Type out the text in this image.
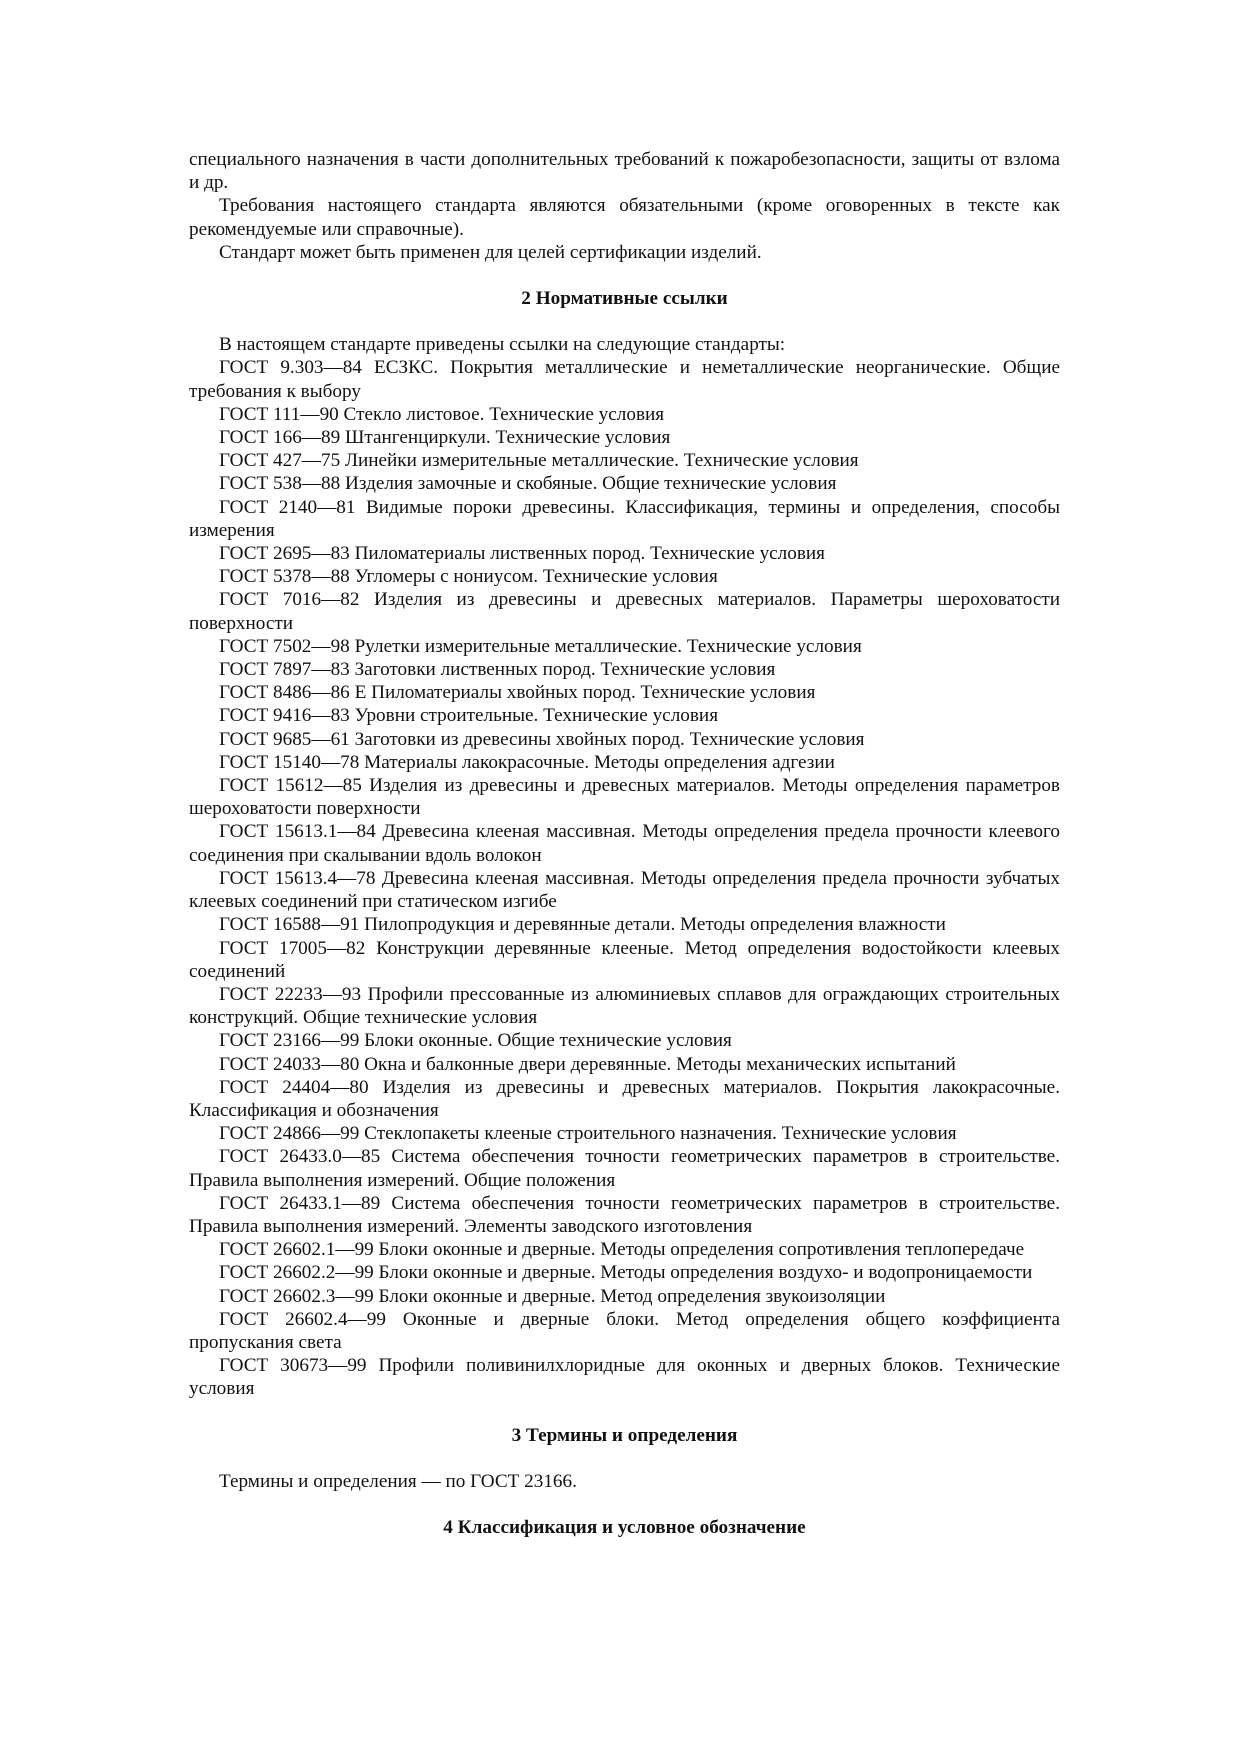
специального назначения в части дополнительных требований к пожаробезопасности, защиты от взлома и др.

Требования настоящего стандарта являются обязательными (кроме оговоренных в тексте как рекомендуемые или справочные).

Стандарт может быть применен для целей сертификации изделий.

2 Нормативные ссылки

В настоящем стандарте приведены ссылки на следующие стандарты:

ГОСТ 9.303—84 ЕСЗКС. Покрытия металлические и неметаллические неорганические. Общие требования к выбору

ГОСТ 111—90 Стекло листовое. Технические условия

ГОСТ 166—89 Штангенциркули. Технические условия

ГОСТ 427—75 Линейки измерительные металлические. Технические условия

ГОСТ 538—88 Изделия замочные и скобяные. Общие технические условия

ГОСТ 2140—81 Видимые пороки древесины. Классификация, термины и определения, способы измерения

ГОСТ 2695—83 Пиломатериалы лиственных пород. Технические условия

ГОСТ 5378—88 Угломеры с нониусом. Технические условия

ГОСТ 7016—82 Изделия из древесины и древесных материалов. Параметры шероховатости поверхности

ГОСТ 7502—98 Рулетки измерительные металлические. Технические условия

ГОСТ 7897—83 Заготовки лиственных пород. Технические условия

ГОСТ 8486—86 Е Пиломатериалы хвойных пород. Технические условия

ГОСТ 9416—83 Уровни строительные. Технические условия

ГОСТ 9685—61 Заготовки из древесины хвойных пород. Технические условия

ГОСТ 15140—78 Материалы лакокрасочные. Методы определения адгезии

ГОСТ 15612—85 Изделия из древесины и древесных материалов. Методы определения параметров шероховатости поверхности

ГОСТ 15613.1—84 Древесина клееная массивная. Методы определения предела прочности клеевого соединения при скалывании вдоль волокон

ГОСТ 15613.4—78 Древесина клееная массивная. Методы определения предела прочности зубчатых клеевых соединений при статическом изгибе

ГОСТ 16588—91 Пилопродукция и деревянные детали. Методы определения влажности

ГОСТ 17005—82 Конструкции деревянные клееные. Метод определения водостойкости клеевых соединений

ГОСТ 22233—93 Профили прессованные из алюминиевых сплавов для ограждающих строительных конструкций. Общие технические условия

ГОСТ 23166—99 Блоки оконные. Общие технические условия

ГОСТ 24033—80 Окна и балконные двери деревянные. Методы механических испытаний

ГОСТ 24404—80 Изделия из древесины и древесных материалов. Покрытия лакокрасочные. Классификация и обозначения

ГОСТ 24866—99 Стеклопакеты клееные строительного назначения. Технические условия

ГОСТ 26433.0—85 Система обеспечения точности геометрических параметров в строительстве. Правила выполнения измерений. Общие положения

ГОСТ 26433.1—89 Система обеспечения точности геометрических параметров в строительстве. Правила выполнения измерений. Элементы заводского изготовления

ГОСТ 26602.1—99 Блоки оконные и дверные. Методы определения сопротивления теплопередаче

ГОСТ 26602.2—99 Блоки оконные и дверные. Методы определения воздухо- и водопроницаемости

ГОСТ 26602.3—99 Блоки оконные и дверные. Метод определения звукоизоляции

ГОСТ 26602.4—99 Оконные и дверные блоки. Метод определения общего коэффициента пропускания света

ГОСТ 30673—99 Профили поливинилхлоридные для оконных и дверных блоков. Технические условия

3 Термины и определения

Термины и определения — по ГОСТ 23166.

4 Классификация и условное обозначение
